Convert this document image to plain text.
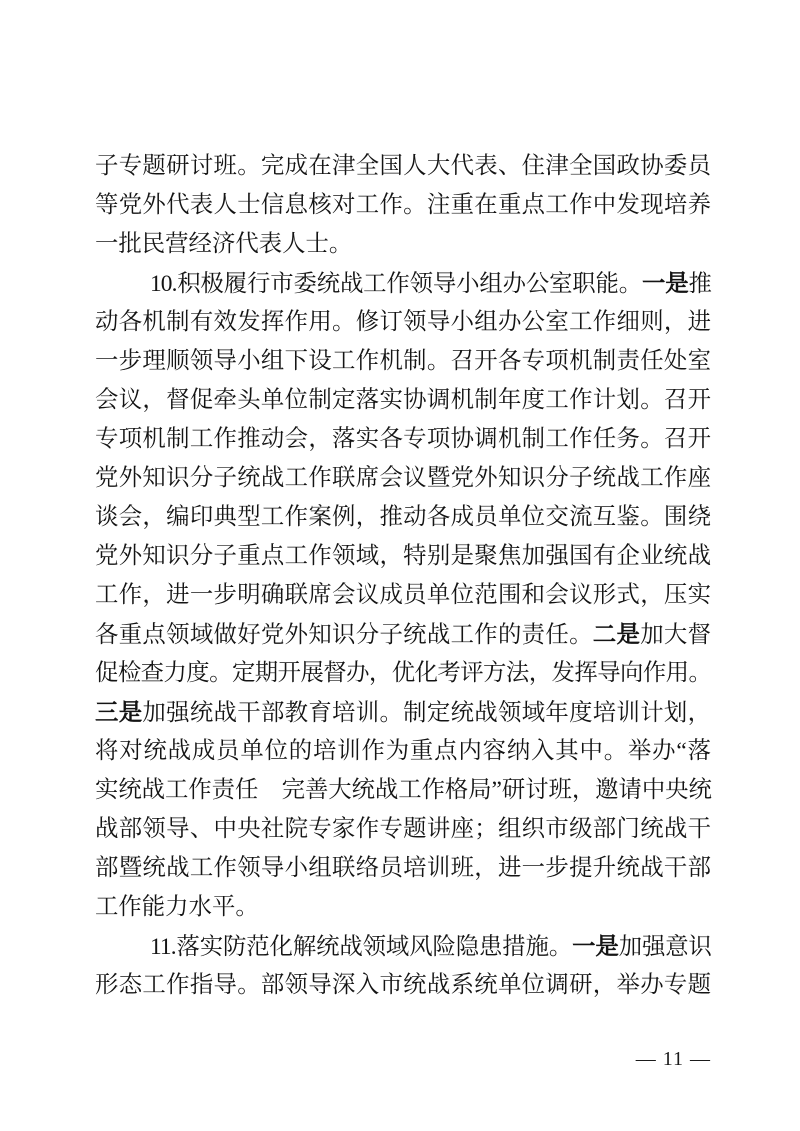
子专题研讨班。完成在津全国人大代表、住津全国政协委员
等党外代表人士信息核对工作。注重在重点工作中发现培养
一批民营经济代表人士。
10.积极履行市委统战工作领导小组办公室职能。一是推
动各机制有效发挥作用。修订领导小组办公室工作细则，进
一步理顺领导小组下设工作机制。召开各专项机制责任处室
会议，督促牵头单位制定落实协调机制年度工作计划。召开
专项机制工作推动会，落实各专项协调机制工作任务。召开
党外知识分子统战工作联席会议暨党外知识分子统战工作座
谈会，编印典型工作案例，推动各成员单位交流互鉴。围绕
党外知识分子重点工作领域，特别是聚焦加强国有企业统战
工作，进一步明确联席会议成员单位范围和会议形式，压实
各重点领域做好党外知识分子统战工作的责任。二是加大督
促检查力度。定期开展督办，优化考评方法，发挥导向作用。
三是加强统战干部教育培训。制定统战领域年度培训计划，
将对统战成员单位的培训作为重点内容纳入其中。举办“落
实统战工作责任　完善大统战工作格局”研讨班，邀请中央统
战部领导、中央社院专家作专题讲座；组织市级部门统战干
部暨统战工作领导小组联络员培训班，进一步提升统战干部
工作能力水平。
11.落实防范化解统战领域风险隐患措施。一是加强意识
形态工作指导。部领导深入市统战系统单位调研，举办专题
— 11 —
